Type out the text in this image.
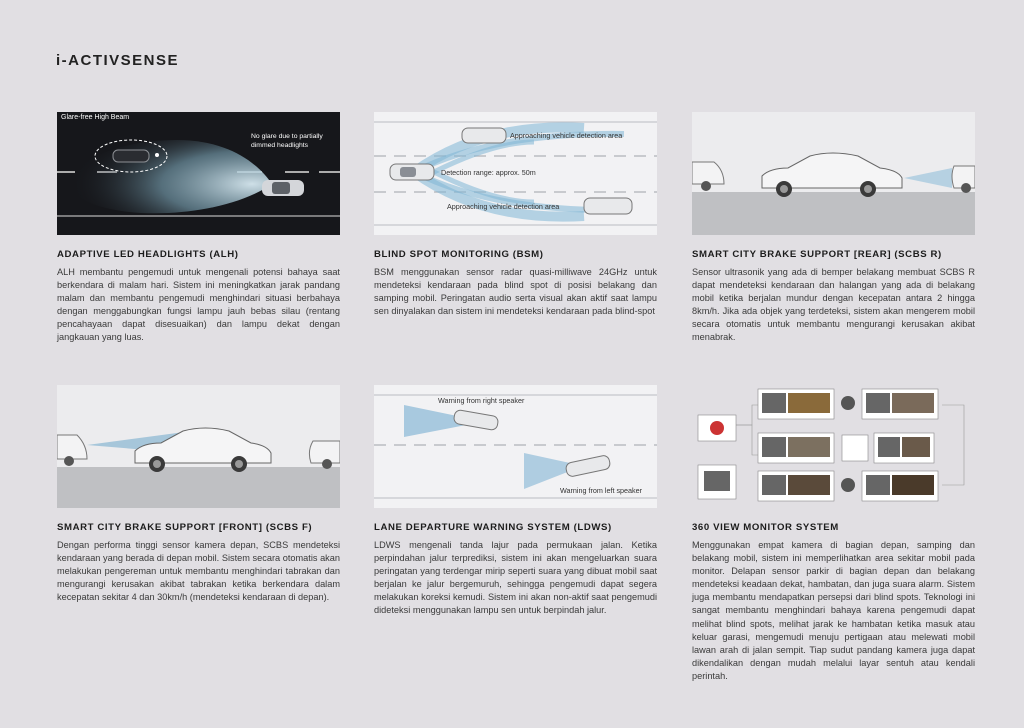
i-ACTIVSENSE
Glare-free High Beam
No glare due to partially dimmed headlights
ADAPTIVE LED HEADLIGHTS (ALH)

ALH membantu pengemudi untuk mengenali potensi bahaya saat berkendara di malam hari. Sistem ini meningkatkan jarak pandang malam dan membantu pengemudi menghindari situasi berbahaya dengan menggabungkan fungsi lampu jauh bebas silau (rentang pencahayaan dapat disesuaikan) dan lampu dekat dengan jangkauan yang luas.

Approaching vehicle detection area
Detection range: approx. 50m
Approaching vehicle detection area
BLIND SPOT MONITORING (BSM)

BSM menggunakan sensor radar quasi-milliwave 24GHz untuk mendeteksi kendaraan pada blind spot di posisi belakang dan samping mobil. Peringatan audio serta visual akan aktif saat lampu sen dinyalakan dan sistem ini mendeteksi kendaraan pada blind-spot

SMART CITY BRAKE SUPPORT [REAR] (SCBS R)

Sensor ultrasonik yang ada di bemper belakang membuat SCBS R dapat mendeteksi kendaraan dan halangan yang ada di belakang mobil ketika berjalan mundur dengan kecepatan antara 2 hingga 8km/h. Jika ada objek yang terdeteksi, sistem akan mengerem mobil secara otomatis untuk membantu mengurangi kerusakan akibat menabrak.

SMART CITY BRAKE SUPPORT [FRONT] (SCBS F)

Dengan performa tinggi sensor kamera depan, SCBS mendeteksi kendaraan yang berada di depan mobil. Sistem secara otomatis akan melakukan pengereman untuk membantu menghindari tabrakan dan mengurangi kerusakan akibat tabrakan ketika berkendara dalam kecepatan sekitar 4 dan 30km/h (mendeteksi kendaraan di depan).

Warning from right speaker
Warning from left speaker
LANE DEPARTURE WARNING SYSTEM (LDWS)

LDWS mengenali tanda lajur pada permukaan jalan. Ketika perpindahan jalur terprediksi, sistem ini akan mengeluarkan suara peringatan yang terdengar mirip seperti suara yang dibuat mobil saat berjalan ke jalur bergemuruh, sehingga pengemudi dapat segera melakukan koreksi kemudi. Sistem ini akan non-aktif saat pengemudi dideteksi menggunakan lampu sen untuk berpindah jalur.

360 VIEW MONITOR SYSTEM

Menggunakan empat kamera di bagian depan, samping dan belakang mobil, sistem ini memperlihatkan area sekitar mobil pada monitor. Delapan sensor parkir di bagian depan dan belakang mendeteksi keadaan dekat, hambatan, dan juga suara alarm. Sistem juga membantu mendapatkan persepsi dari blind spots. Teknologi ini sangat membantu menghindari bahaya karena pengemudi dapat melihat blind spots, melihat jarak ke hambatan ketika masuk atau keluar garasi, mengemudi menuju pertigaan atau melewati mobil lawan arah di jalan sempit. Tiap sudut pandang kamera juga dapat dikendalikan dengan mudah melalui layar sentuh atau kendali perintah.
